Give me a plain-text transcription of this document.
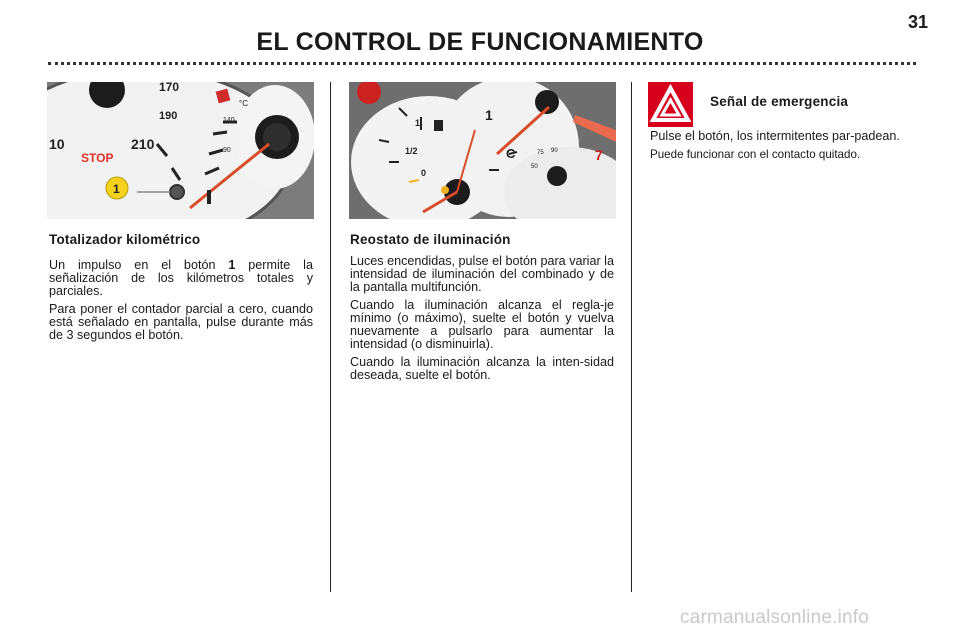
31
EL CONTROL DE FUNCIONAMIENTO
170
190
210
10
STOP
140
90
°C
1
1
1/2
0
1
C	7
75 90
50
Totalizador kilométrico

Un impulso en el botón 1 permite la señalización de los kilómetros totales y parciales.

Para poner el contador parcial a cero, cuando está señalado en pantalla, pulse durante más de 3 segundos el botón.

Reostato de iluminación

Luces encendidas, pulse el botón para variar la intensidad de iluminación del combinado y de la pantalla multifunción.

Cuando la iluminación alcanza el regla-je mínimo (o máximo), suelte el botón y vuelva nuevamente a pulsarlo para aumentar la intensidad (o disminuirla).

Cuando la iluminación alcanza la inten-sidad deseada, suelte el botón.

Señal de emergencia

Pulse el botón, los intermitentes par-padean.

Puede funcionar con el contacto quitado.

carmanualsonline.info
